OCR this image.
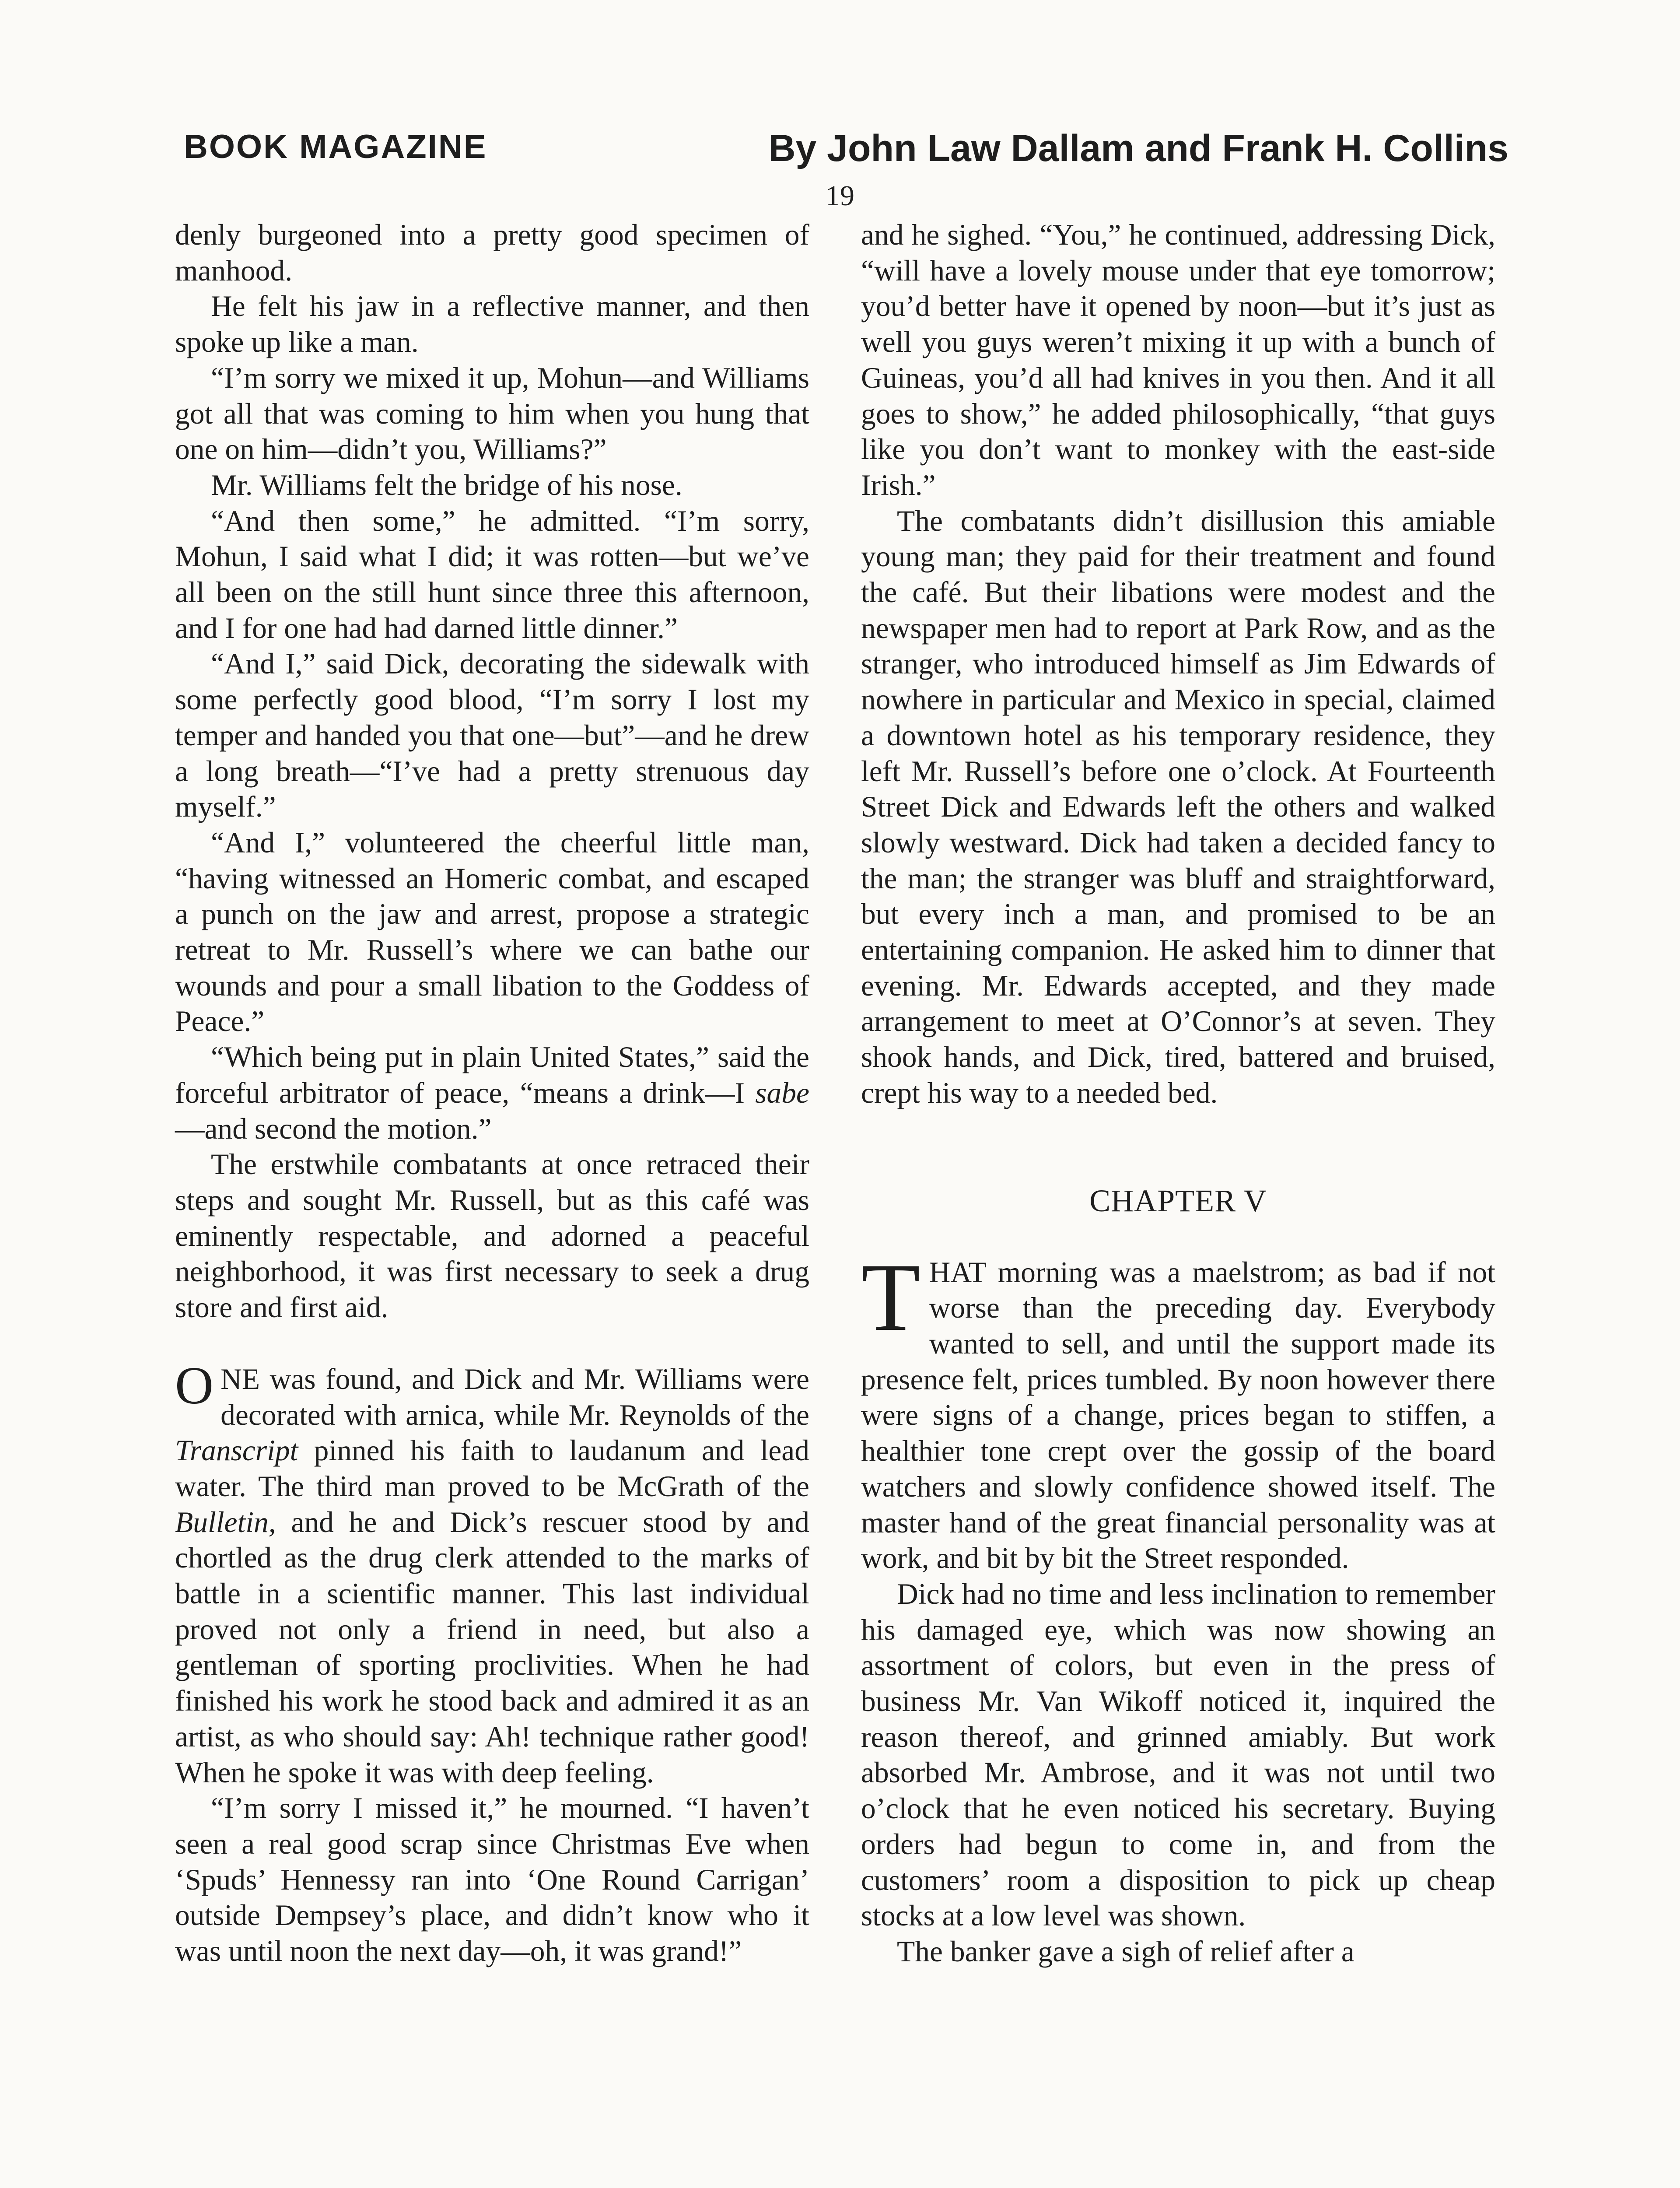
BOOK MAGAZINE	By John Law Dallam and Frank H. Collins
19

denly burgeoned into a pretty good specimen of manhood.

He felt his jaw in a reflective manner, and then spoke up like a man.

“I’m sorry we mixed it up, Mohun—and Williams got all that was coming to him when you hung that one on him—didn’t you, Williams?”

Mr. Williams felt the bridge of his nose.

“And then some,” he admitted. “I’m sorry, Mohun, I said what I did; it was rotten—but we’ve all been on the still hunt since three this afternoon, and I for one had had darned little dinner.”

“And I,” said Dick, decorating the sidewalk with some perfectly good blood, “I’m sorry I lost my temper and handed you that one—but”—and he drew a long breath—“I’ve had a pretty strenuous day myself.”

“And I,” volunteered the cheerful little man, “having witnessed an Homeric combat, and escaped a punch on the jaw and arrest, propose a strategic retreat to Mr. Russell’s where we can bathe our wounds and pour a small libation to the Goddess of Peace.”

“Which being put in plain United States,” said the forceful arbitrator of peace, “means a drink—I sabe—and second the motion.”

The erstwhile combatants at once retraced their steps and sought Mr. Russell, but as this café was eminently respectable, and adorned a peaceful neighborhood, it was first necessary to seek a drug store and first aid.

ONE was found, and Dick and Mr. Williams were decorated with arnica, while Mr. Reynolds of the Transcript pinned his faith to laudanum and lead water. The third man proved to be McGrath of the Bulletin, and he and Dick’s rescuer stood by and chortled as the drug clerk attended to the marks of battle in a scientific manner. This last individual proved not only a friend in need, but also a gentleman of sporting proclivities. When he had finished his work he stood back and admired it as an artist, as who should say: Ah! technique rather good! When he spoke it was with deep feeling.

“I’m sorry I missed it,” he mourned. “I haven’t seen a real good scrap since Christmas Eve when ‘Spuds’ Hennessy ran into ‘One Round Carrigan’ outside Dempsey’s place, and didn’t know who it was until noon the next day—oh, it was grand!”

and he sighed. “You,” he continued, addressing Dick, “will have a lovely mouse under that eye tomorrow; you’d better have it opened by noon—but it’s just as well you guys weren’t mixing it up with a bunch of Guineas, you’d all had knives in you then. And it all goes to show,” he added philosophically, “that guys like you don’t want to monkey with the east-side Irish.”

The combatants didn’t disillusion this amiable young man; they paid for their treatment and found the café. But their libations were modest and the newspaper men had to report at Park Row, and as the stranger, who introduced himself as Jim Edwards of nowhere in particular and Mexico in special, claimed a downtown hotel as his temporary residence, they left Mr. Russell’s before one o’clock. At Fourteenth Street Dick and Edwards left the others and walked slowly westward. Dick had taken a decided fancy to the man; the stranger was bluff and straightforward, but every inch a man, and promised to be an entertaining companion. He asked him to dinner that evening. Mr. Edwards accepted, and they made arrangement to meet at O’Connor’s at seven. They shook hands, and Dick, tired, battered and bruised, crept his way to a needed bed.

CHAPTER V

THAT morning was a maelstrom; as bad if not worse than the preceding day. Everybody wanted to sell, and until the support made its presence felt, prices tumbled. By noon however there were signs of a change, prices began to stiffen, a healthier tone crept over the gossip of the board watchers and slowly confidence showed itself. The master hand of the great financial personality was at work, and bit by bit the Street responded.

Dick had no time and less inclination to remember his damaged eye, which was now showing an assortment of colors, but even in the press of business Mr. Van Wikoff noticed it, inquired the reason thereof, and grinned amiably. But work absorbed Mr. Ambrose, and it was not until two o’clock that he even noticed his secretary. Buying orders had begun to come in, and from the customers’ room a disposition to pick up cheap stocks at a low level was shown.

The banker gave a sigh of relief after a
